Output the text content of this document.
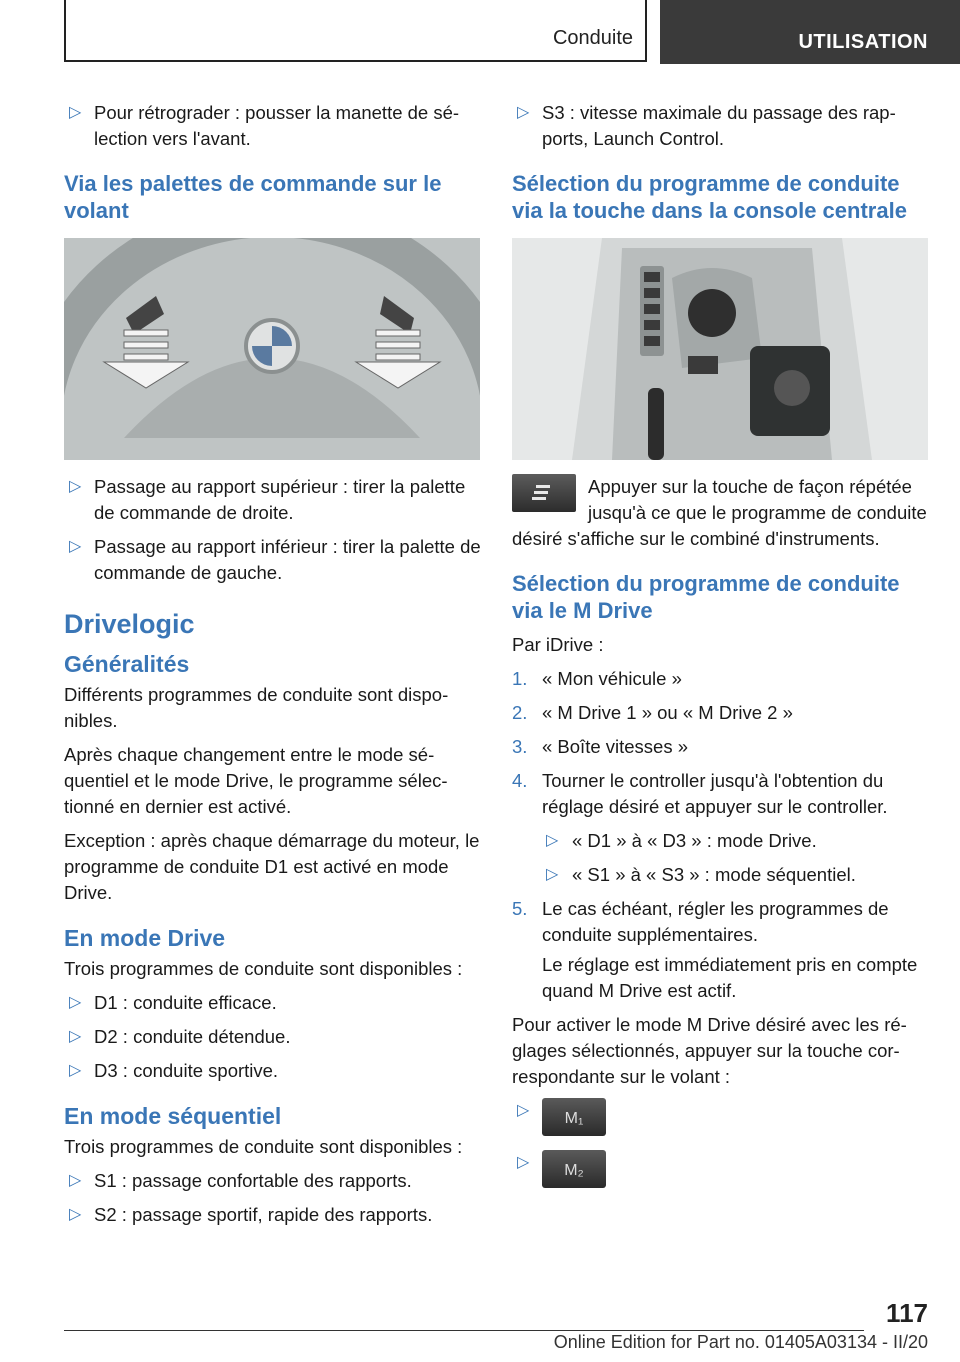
Conduite	UTILISATION
▷ Pour rétrograder : pousser la manette de sélection vers l'avant.
Via les palettes de commande sur le volant
▷ Passage au rapport supérieur : tirer la palette de commande de droite.
▷ Passage au rapport inférieur : tirer la palette de commande de gauche.
Drivelogic
Généralités

Différents programmes de conduite sont disponibles.

Après chaque changement entre le mode séquentiel et le mode Drive, le programme sélectionné en dernier est activé.

Exception : après chaque démarrage du moteur, le programme de conduite D1 est activé en mode Drive.

En mode Drive

Trois programmes de conduite sont disponibles :

▷ D1 : conduite efficace.
▷ D2 : conduite détendue.
▷ D3 : conduite sportive.
En mode séquentiel

Trois programmes de conduite sont disponibles :

▷ S1 : passage confortable des rapports.
▷ S2 : passage sportif, rapide des rapports.
▷ S3 : vitesse maximale du passage des rapports, Launch Control.
Sélection du programme de conduite via la touche dans la console centrale
Appuyer sur la touche de façon répétée jusqu'à ce que le programme de conduite désiré s'affiche sur le combiné d'instruments.
Sélection du programme de conduite via le M Drive

Par iDrive :

1. « Mon véhicule »
2. « M Drive 1 » ou « M Drive 2 »
3. « Boîte vitesses »
4. Tourner le controller jusqu'à l'obtention du réglage désiré et appuyer sur le controller.
▷ « D1 » à « D3 » : mode Drive.
▷ « S1 » à « S3 » : mode séquentiel.
5. Le cas échéant, régler les programmes de conduite supplémentaires.
Le réglage est immédiatement pris en compte quand M Drive est actif.

Pour activer le mode M Drive désiré avec les réglages sélectionnés, appuyer sur la touche correspondante sur le volant :

▷	M₁
▷	M₂
117
Online Edition for Part no. 01405A03134 - II/20
